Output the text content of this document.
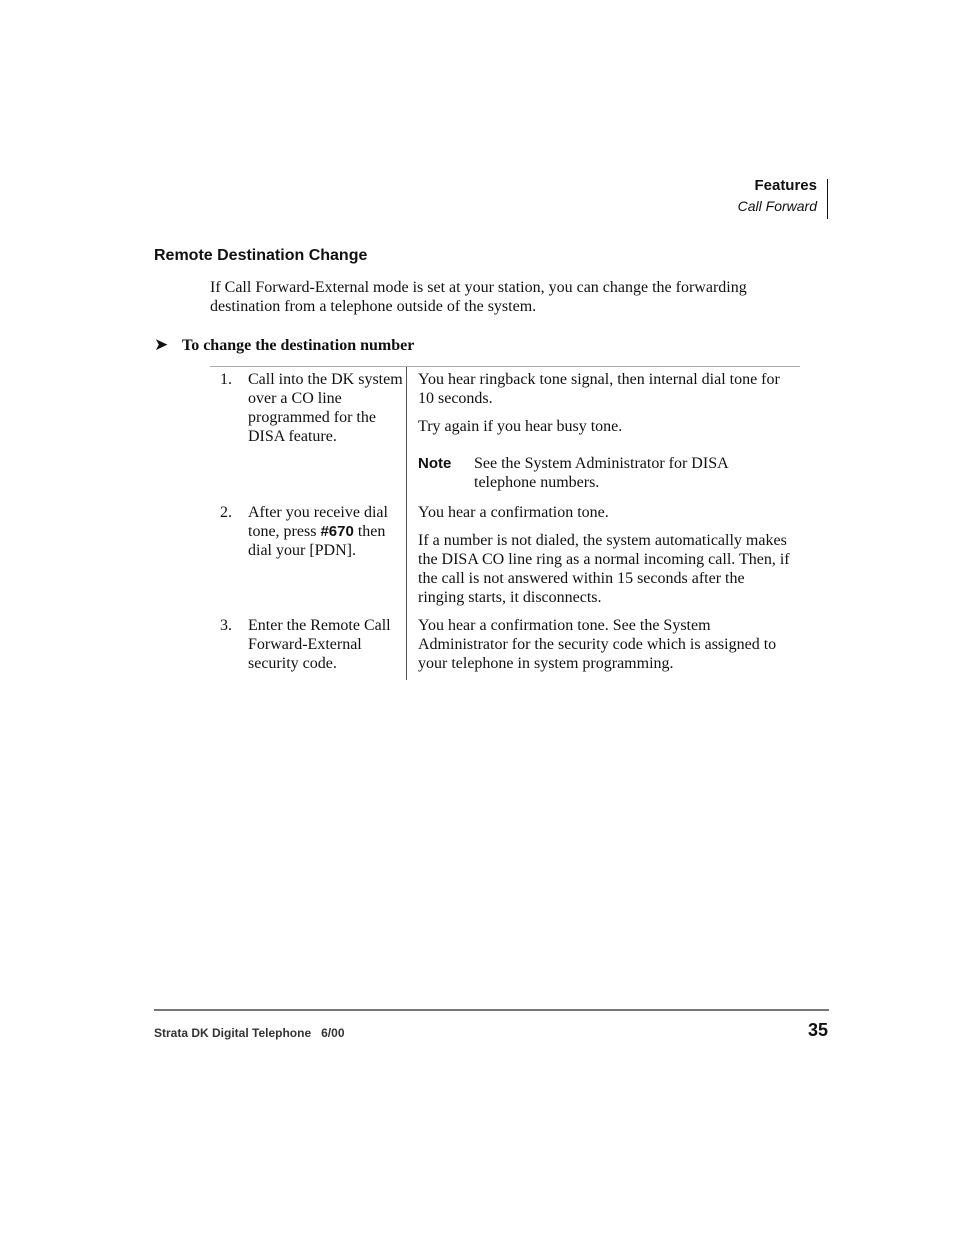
Features
Call Forward
Remote Destination Change
If Call Forward-External mode is set at your station, you can change the forwarding destination from a telephone outside of the system.
➤ To change the destination number
1. Call into the DK system over a CO line programmed for the DISA feature.
You hear ringback tone signal, then internal dial tone for 10 seconds.
Try again if you hear busy tone.
Note See the System Administrator for DISA telephone numbers.
2. After you receive dial tone, press #670 then dial your [PDN].
You hear a confirmation tone.
If a number is not dialed, the system automatically makes the DISA CO line ring as a normal incoming call. Then, if the call is not answered within 15 seconds after the ringing starts, it disconnects.
3. Enter the Remote Call Forward-External security code.
You hear a confirmation tone. See the System Administrator for the security code which is assigned to your telephone in system programming.
Strata DK Digital Telephone   6/00	35
